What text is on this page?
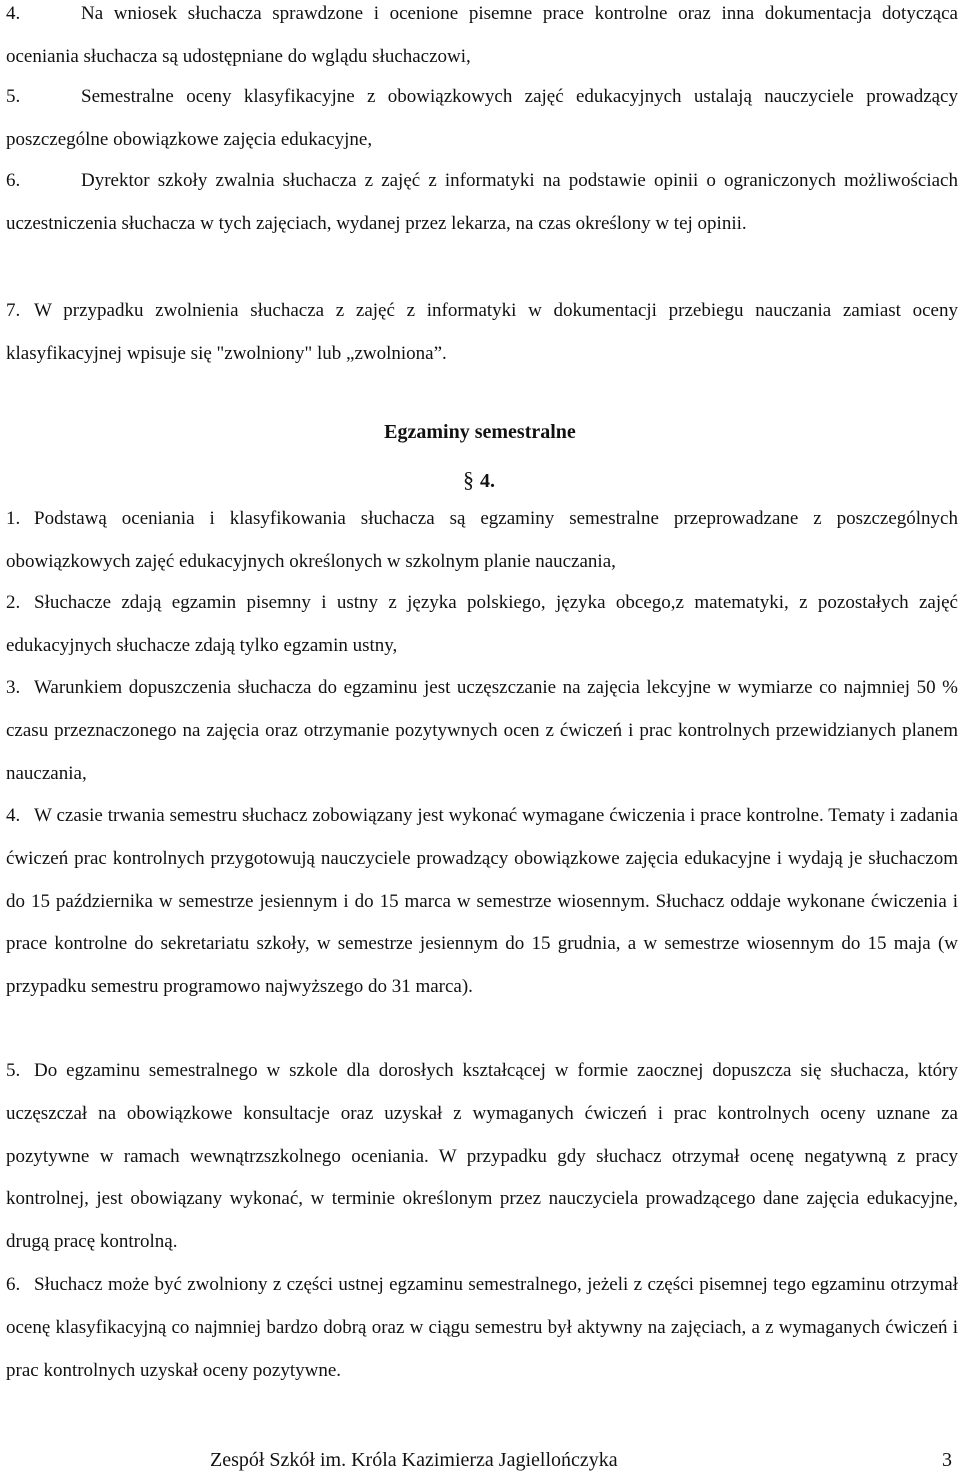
4.	Na wniosek słuchacza sprawdzone i ocenione pisemne prace kontrolne oraz inna dokumentacja dotycząca oceniania słuchacza są udostępniane do wglądu słuchaczowi,

5.	Semestralne oceny klasyfikacyjne z obowiązkowych zajęć edukacyjnych ustalają nauczyciele prowadzący poszczególne obowiązkowe zajęcia edukacyjne,

6.	Dyrektor szkoły zwalnia słuchacza z zajęć z informatyki na podstawie opinii o ograniczonych możliwościach uczestniczenia słuchacza w tych zajęciach, wydanej przez lekarza, na czas określony w tej opinii.

7. W przypadku zwolnienia słuchacza z zajęć z informatyki w dokumentacji przebiegu nauczania zamiast oceny klasyfikacyjnej wpisuje się "zwolniony" lub „zwolniona”.

Egzaminy semestralne
§ 4.

1. Podstawą oceniania i klasyfikowania słuchacza są egzaminy semestralne przeprowadzane z poszczególnych obowiązkowych zajęć edukacyjnych określonych w szkolnym planie nauczania,

2. Słuchacze zdają egzamin pisemny i ustny z języka polskiego, języka obcego,z matematyki, z pozostałych zajęć edukacyjnych słuchacze zdają tylko egzamin ustny,

3. Warunkiem dopuszczenia słuchacza do egzaminu jest uczęszczanie na zajęcia lekcyjne w wymiarze co najmniej 50 % czasu przeznaczonego na zajęcia oraz otrzymanie pozytywnych ocen z ćwiczeń i prac kontrolnych przewidzianych planem nauczania,

4. W czasie trwania semestru słuchacz zobowiązany jest wykonać wymagane ćwiczenia i prace kontrolne. Tematy i zadania ćwiczeń prac kontrolnych przygotowują nauczyciele prowadzący obowiązkowe zajęcia edukacyjne i wydają je słuchaczom do 15 października w semestrze jesiennym i do 15 marca w semestrze wiosennym. Słuchacz oddaje wykonane ćwiczenia i prace kontrolne do sekretariatu szkoły, w semestrze jesiennym do 15 grudnia, a w semestrze wiosennym do 15 maja (w przypadku semestru programowo najwyższego do 31 marca).

5. Do egzaminu semestralnego w szkole dla dorosłych kształcącej w formie zaocznej dopuszcza się słuchacza, który uczęszczał na obowiązkowe konsultacje oraz uzyskał z wymaganych ćwiczeń i prac kontrolnych oceny uznane za pozytywne w ramach wewnątrzszkolnego oceniania. W przypadku gdy słuchacz otrzymał ocenę negatywną z pracy kontrolnej, jest obowiązany wykonać, w terminie określonym przez nauczyciela prowadzącego dane zajęcia edukacyjne, drugą pracę kontrolną.

6. Słuchacz może być zwolniony z części ustnej egzaminu semestralnego, jeżeli z części pisemnej tego egzaminu otrzymał ocenę klasyfikacyjną co najmniej bardzo dobrą oraz w ciągu semestru był aktywny na zajęciach, a z wymaganych ćwiczeń i prac kontrolnych uzyskał oceny pozytywne.

Zespół Szkół im. Króla Kazimierza Jagiellończyka	3
